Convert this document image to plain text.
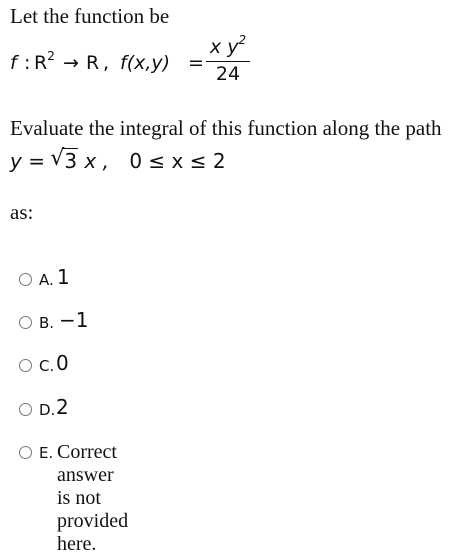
Let the function be
f : $R^2 \to R$ , f(x,y) =
x $y^2$
24
Evaluate the integral of this function along the path
y = √ 3 x , 0 ≤ x ≤ 2
as:
A. 1
B. −1
C. 0
D. 2
E. Correct answer is not provided here.
